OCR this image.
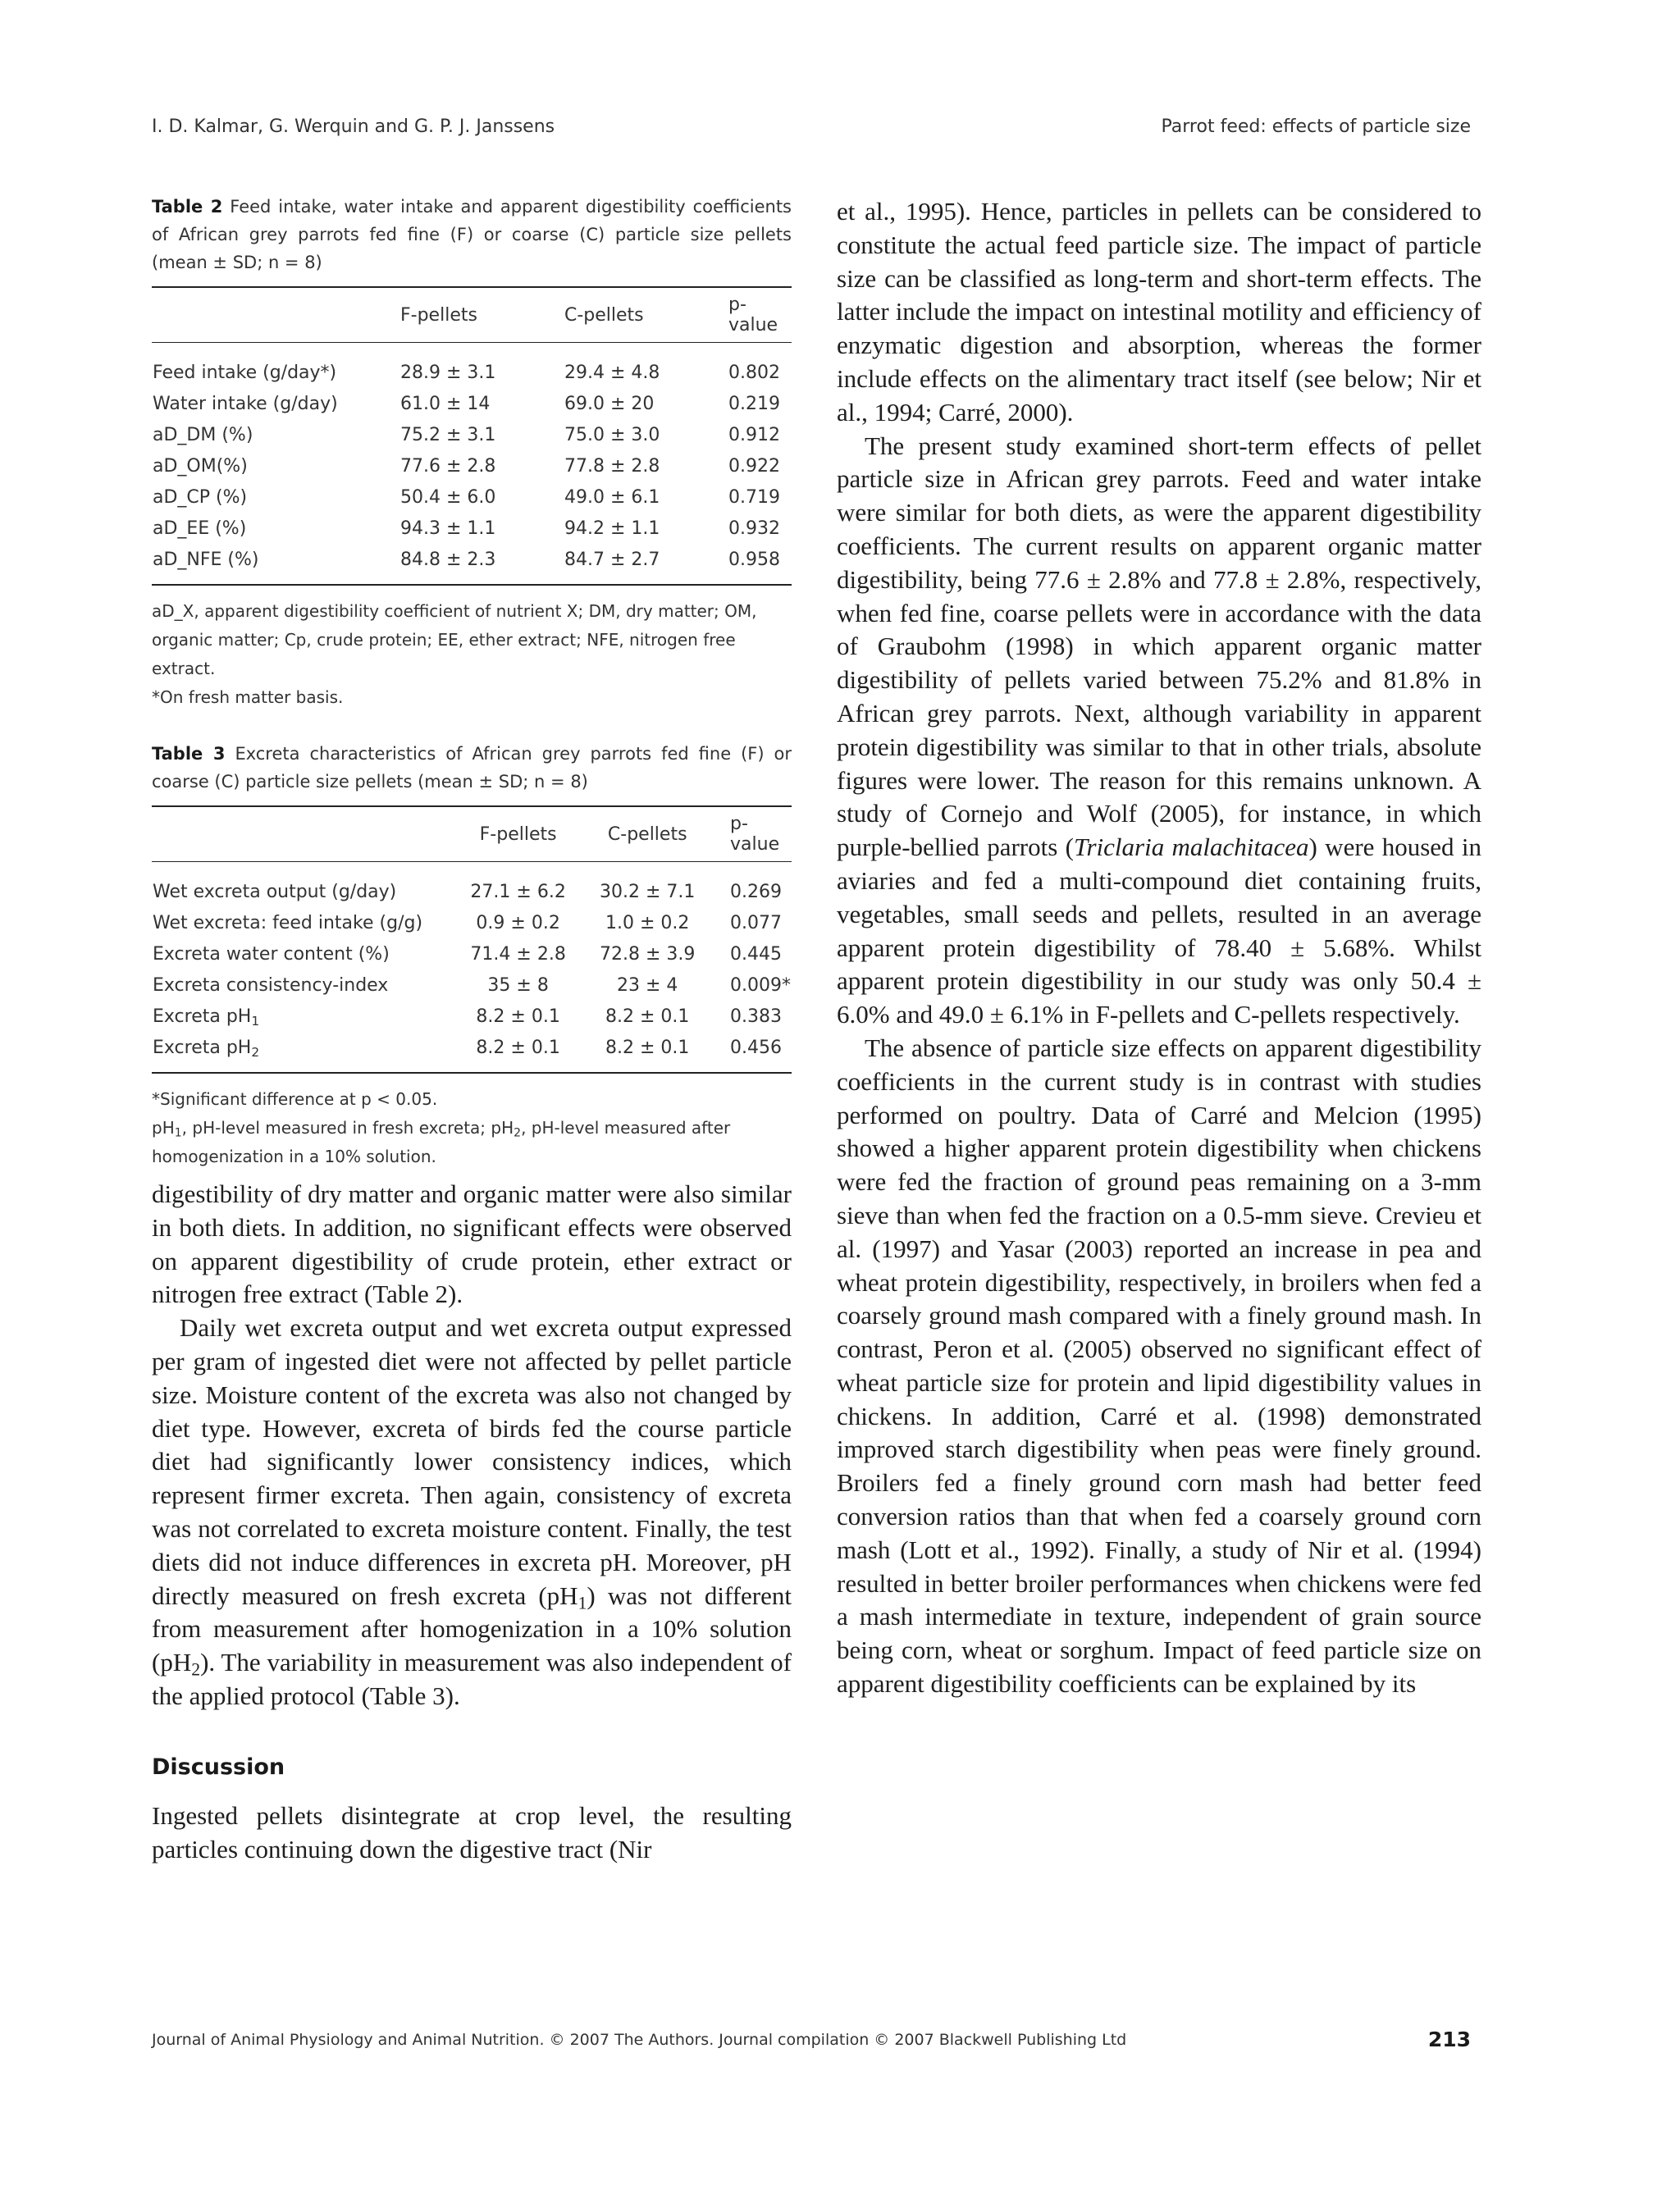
I. D. Kalmar, G. Werquin and G. P. J. Janssens	Parrot feed: effects of particle size

Table 2 Feed intake, water intake and apparent digestibility coefficients of African grey parrots fed fine (F) or coarse (C) particle size pellets (mean ± SD; n = 8)

	F-pellets	C-pellets	p-value
Feed intake (g/day*)	28.9 ± 3.1	29.4 ± 4.8	0.802
Water intake (g/day)	61.0 ± 14	69.0 ± 20	0.219
aD_DM (%)	75.2 ± 3.1	75.0 ± 3.0	0.912
aD_OM(%)	77.6 ± 2.8	77.8 ± 2.8	0.922
aD_CP (%)	50.4 ± 6.0	49.0 ± 6.1	0.719
aD_EE (%)	94.3 ± 1.1	94.2 ± 1.1	0.932
aD_NFE (%)	84.8 ± 2.3	84.7 ± 2.7	0.958

aD_X, apparent digestibility coefficient of nutrient X; DM, dry matter; OM, organic matter; Cp, crude protein; EE, ether extract; NFE, nitrogen free extract.

*On fresh matter basis.

Table 3 Excreta characteristics of African grey parrots fed fine (F) or coarse (C) particle size pellets (mean ± SD; n = 8)

	F-pellets	C-pellets	p-value
Wet excreta output (g/day)	27.1 ± 6.2	30.2 ± 7.1	0.269
Wet excreta: feed intake (g/g)	0.9 ± 0.2	1.0 ± 0.2	0.077
Excreta water content (%)	71.4 ± 2.8	72.8 ± 3.9	0.445
Excreta consistency-index	35 ± 8	23 ± 4	0.009*
Excreta $pH_1$	8.2 ± 0.1	8.2 ± 0.1	0.383
Excreta $pH_2$	8.2 ± 0.1	8.2 ± 0.1	0.456

*Significant difference at p < 0.05.

$pH_1$, pH-level measured in fresh excreta; $pH_2$, pH-level measured after homogenization in a 10% solution.

digestibility of dry matter and organic matter were also similar in both diets. In addition, no significant effects were observed on apparent digestibility of crude protein, ether extract or nitrogen free extract (Table 2).

Daily wet excreta output and wet excreta output expressed per gram of ingested diet were not affected by pellet particle size. Moisture content of the excreta was also not changed by diet type. However, excreta of birds fed the course particle diet had significantly lower consistency indices, which represent firmer excreta. Then again, consistency of excreta was not correlated to excreta moisture content. Finally, the test diets did not induce differences in excreta pH. Moreover, pH directly measured on fresh excreta $(pH_1)$ was not different from measurement after homogenization in a 10% solution $(pH_2)$. The variability in measurement was also independent of the applied protocol (Table 3).

Discussion

Ingested pellets disintegrate at crop level, the resulting particles continuing down the digestive tract (Nir

et al., 1995). Hence, particles in pellets can be considered to constitute the actual feed particle size. The impact of particle size can be classified as long-term and short-term effects. The latter include the impact on intestinal motility and efficiency of enzymatic digestion and absorption, whereas the former include effects on the alimentary tract itself (see below; Nir et al., 1994; Carré, 2000).

The present study examined short-term effects of pellet particle size in African grey parrots. Feed and water intake were similar for both diets, as were the apparent digestibility coefficients. The current results on apparent organic matter digestibility, being 77.6 ± 2.8% and 77.8 ± 2.8%, respectively, when fed fine, coarse pellets were in accordance with the data of Graubohm (1998) in which apparent organic matter digestibility of pellets varied between 75.2% and 81.8% in African grey parrots. Next, although variability in apparent protein digestibility was similar to that in other trials, absolute figures were lower. The reason for this remains unknown. A study of Cornejo and Wolf (2005), for instance, in which purple-bellied parrots (Triclaria malachitacea) were housed in aviaries and fed a multi-compound diet containing fruits, vegetables, small seeds and pellets, resulted in an average apparent protein digestibility of 78.40 ± 5.68%. Whilst apparent protein digestibility in our study was only 50.4 ± 6.0% and 49.0 ± 6.1% in F-pellets and C-pellets respectively.

The absence of particle size effects on apparent digestibility coefficients in the current study is in contrast with studies performed on poultry. Data of Carré and Melcion (1995) showed a higher apparent protein digestibility when chickens were fed the fraction of ground peas remaining on a 3-mm sieve than when fed the fraction on a 0.5-mm sieve. Crevieu et al. (1997) and Yasar (2003) reported an increase in pea and wheat protein digestibility, respectively, in broilers when fed a coarsely ground mash compared with a finely ground mash. In contrast, Peron et al. (2005) observed no significant effect of wheat particle size for protein and lipid digestibility values in chickens. In addition, Carré et al. (1998) demonstrated improved starch digestibility when peas were finely ground. Broilers fed a finely ground corn mash had better feed conversion ratios than that when fed a coarsely ground corn mash (Lott et al., 1992). Finally, a study of Nir et al. (1994) resulted in better broiler performances when chickens were fed a mash intermediate in texture, independent of grain source being corn, wheat or sorghum. Impact of feed particle size on apparent digestibility coefficients can be explained by its

Journal of Animal Physiology and Animal Nutrition. © 2007 The Authors. Journal compilation © 2007 Blackwell Publishing Ltd	213
